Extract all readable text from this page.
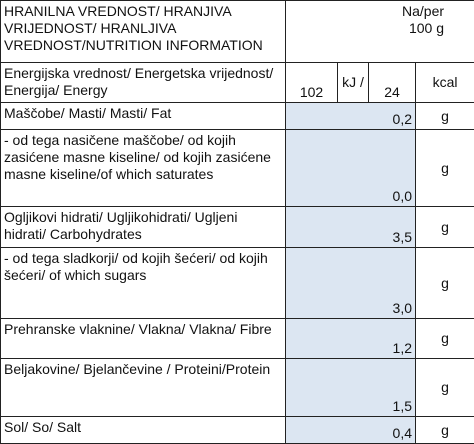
HRANILNA VREDNOST/ HRANJIVA VRIJEDNOST/ HRANLJIVA VREDNOST/NUTRITION INFORMATION	Na/per
100 g			

Energijska vrednost/ Energetska vrijednost/ Energija/ Energy	102	kJ /	24	kcal
Maščobe/ Masti/ Masti/ Fat	0,2			g
- od tega nasičene maščobe/ od kojih zasićene masne kiseline/ od kojih zasićene masne kiseline/of which saturates	0,0			g
Ogljikovi hidrati/ Ugljikohidrati/ Ugljeni hidrati/ Carbohydrates	3,5			g
- od tega sladkorji/ od kojih šećeri/ od kojih šećeri/ of which sugars	3,0			g
Prehranske vlaknine/ Vlakna/ Vlakna/ Fibre	1,2			g
Beljakovine/ Bjelančevine / Proteini/Protein	1,5			g
Sol/ So/ Salt	0,4			g
